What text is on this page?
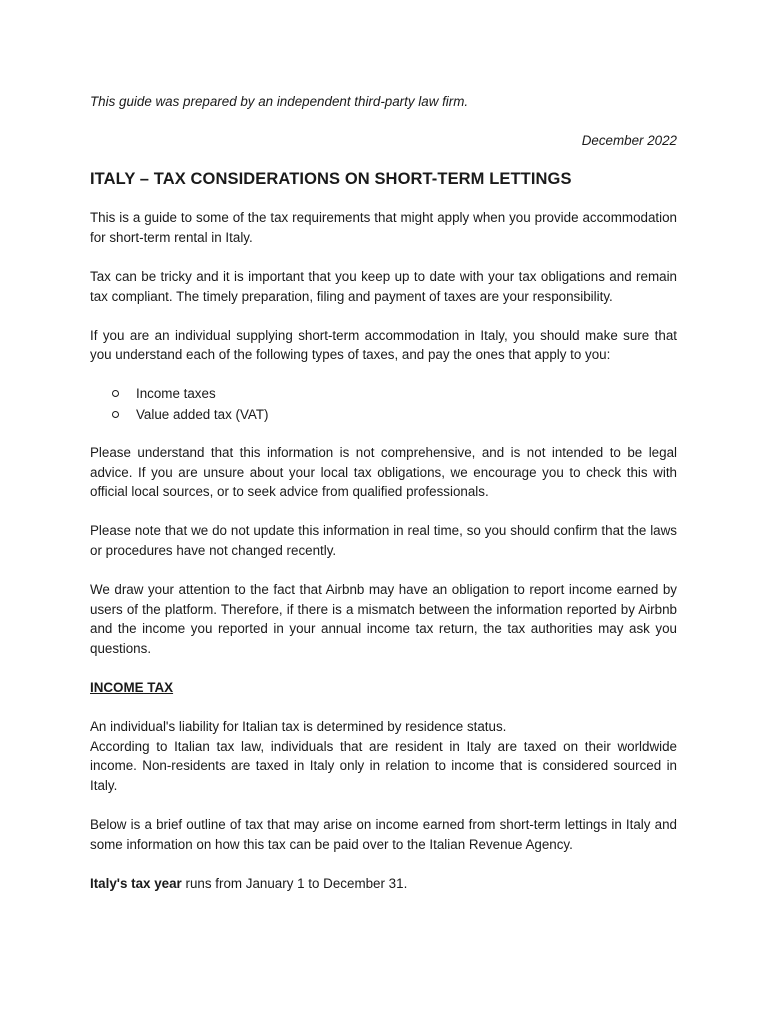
This guide was prepared by an independent third-party law firm.

December 2022

ITALY – TAX CONSIDERATIONS ON SHORT-TERM LETTINGS

This is a guide to some of the tax requirements that might apply when you provide accommodation for short-term rental in Italy.

Tax can be tricky and it is important that you keep up to date with your tax obligations and remain tax compliant. The timely preparation, filing and payment of taxes are your responsibility.

If you are an individual supplying short-term accommodation in Italy, you should make sure that you understand each of the following types of taxes, and pay the ones that apply to you:

Income taxes
Value added tax (VAT)

Please understand that this information is not comprehensive, and is not intended to be legal advice. If you are unsure about your local tax obligations, we encourage you to check this with official local sources, or to seek advice from qualified professionals.

Please note that we do not update this information in real time, so you should confirm that the laws or procedures have not changed recently.

We draw your attention to the fact that Airbnb may have an obligation to report income earned by users of the platform. Therefore, if there is a mismatch between the information reported by Airbnb and the income you reported in your annual income tax return, the tax authorities may ask you questions.

INCOME TAX

An individual's liability for Italian tax is determined by residence status.

According to Italian tax law, individuals that are resident in Italy are taxed on their worldwide income. Non-residents are taxed in Italy only in relation to income that is considered sourced in Italy.

Below is a brief outline of tax that may arise on income earned from short-term lettings in Italy and some information on how this tax can be paid over to the Italian Revenue Agency.

Italy's tax year runs from January 1 to December 31.
